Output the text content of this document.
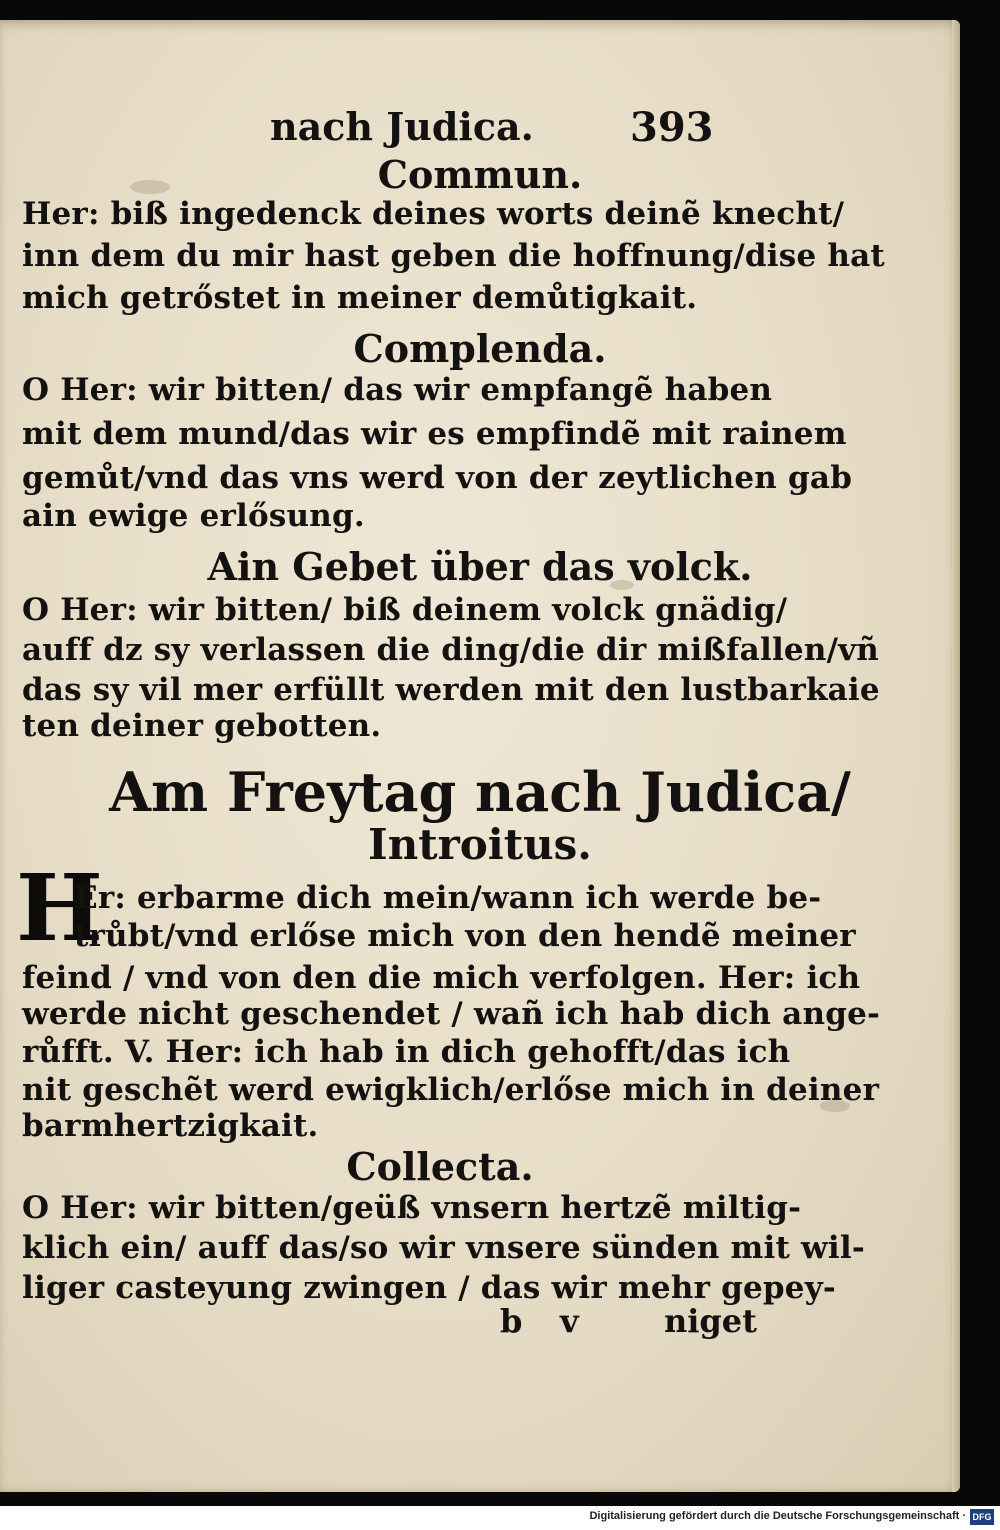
nach Judica. 393
Commun.
Her: biß ingedenck deines worts deinẽ knecht/
inn dem du mir hast geben die hoffnung/dise hat
mich getrőstet in meiner demůtigkait.
Complenda.
O Her: wir bitten/ das wir empfangẽ haben
mit dem mund/das wir es empfindẽ mit rainem
gemůt/vnd das vns werd von der zeytlichen gab
ain ewige erlősung.
Ain Gebet über das volck.
O Her: wir bitten/ biß deinem volck gnädig/
auff dz sy verlassen die ding/die dir mißfallen/vñ
das sy vil mer erfüllt werden mit den lustbarkaie
ten deiner gebotten.
Am Freytag nach Judica/
Introitus.
H
Er: erbarme dich mein/wann ich werde be-
trůbt/vnd erlőse mich von den hendẽ meiner
feind / vnd von den die mich verfolgen. Her: ich
werde nicht geschendet / wañ ich hab dich ange-
růfft. V. Her: ich hab in dich gehofft/das ich
nit geschẽt werd ewigklich/erlőse mich in deiner
barmhertzigkait.
Collecta.
O Her: wir bitten/geüß vnsern hertzẽ miltig-
klich ein/ auff das/so wir vnsere sünden mit wil-
liger casteyung zwingen / das wir mehr gepey-
b v	niget
Digitalisierung gefördert durch die Deutsche Forschungsgemeinschaft · DFG
